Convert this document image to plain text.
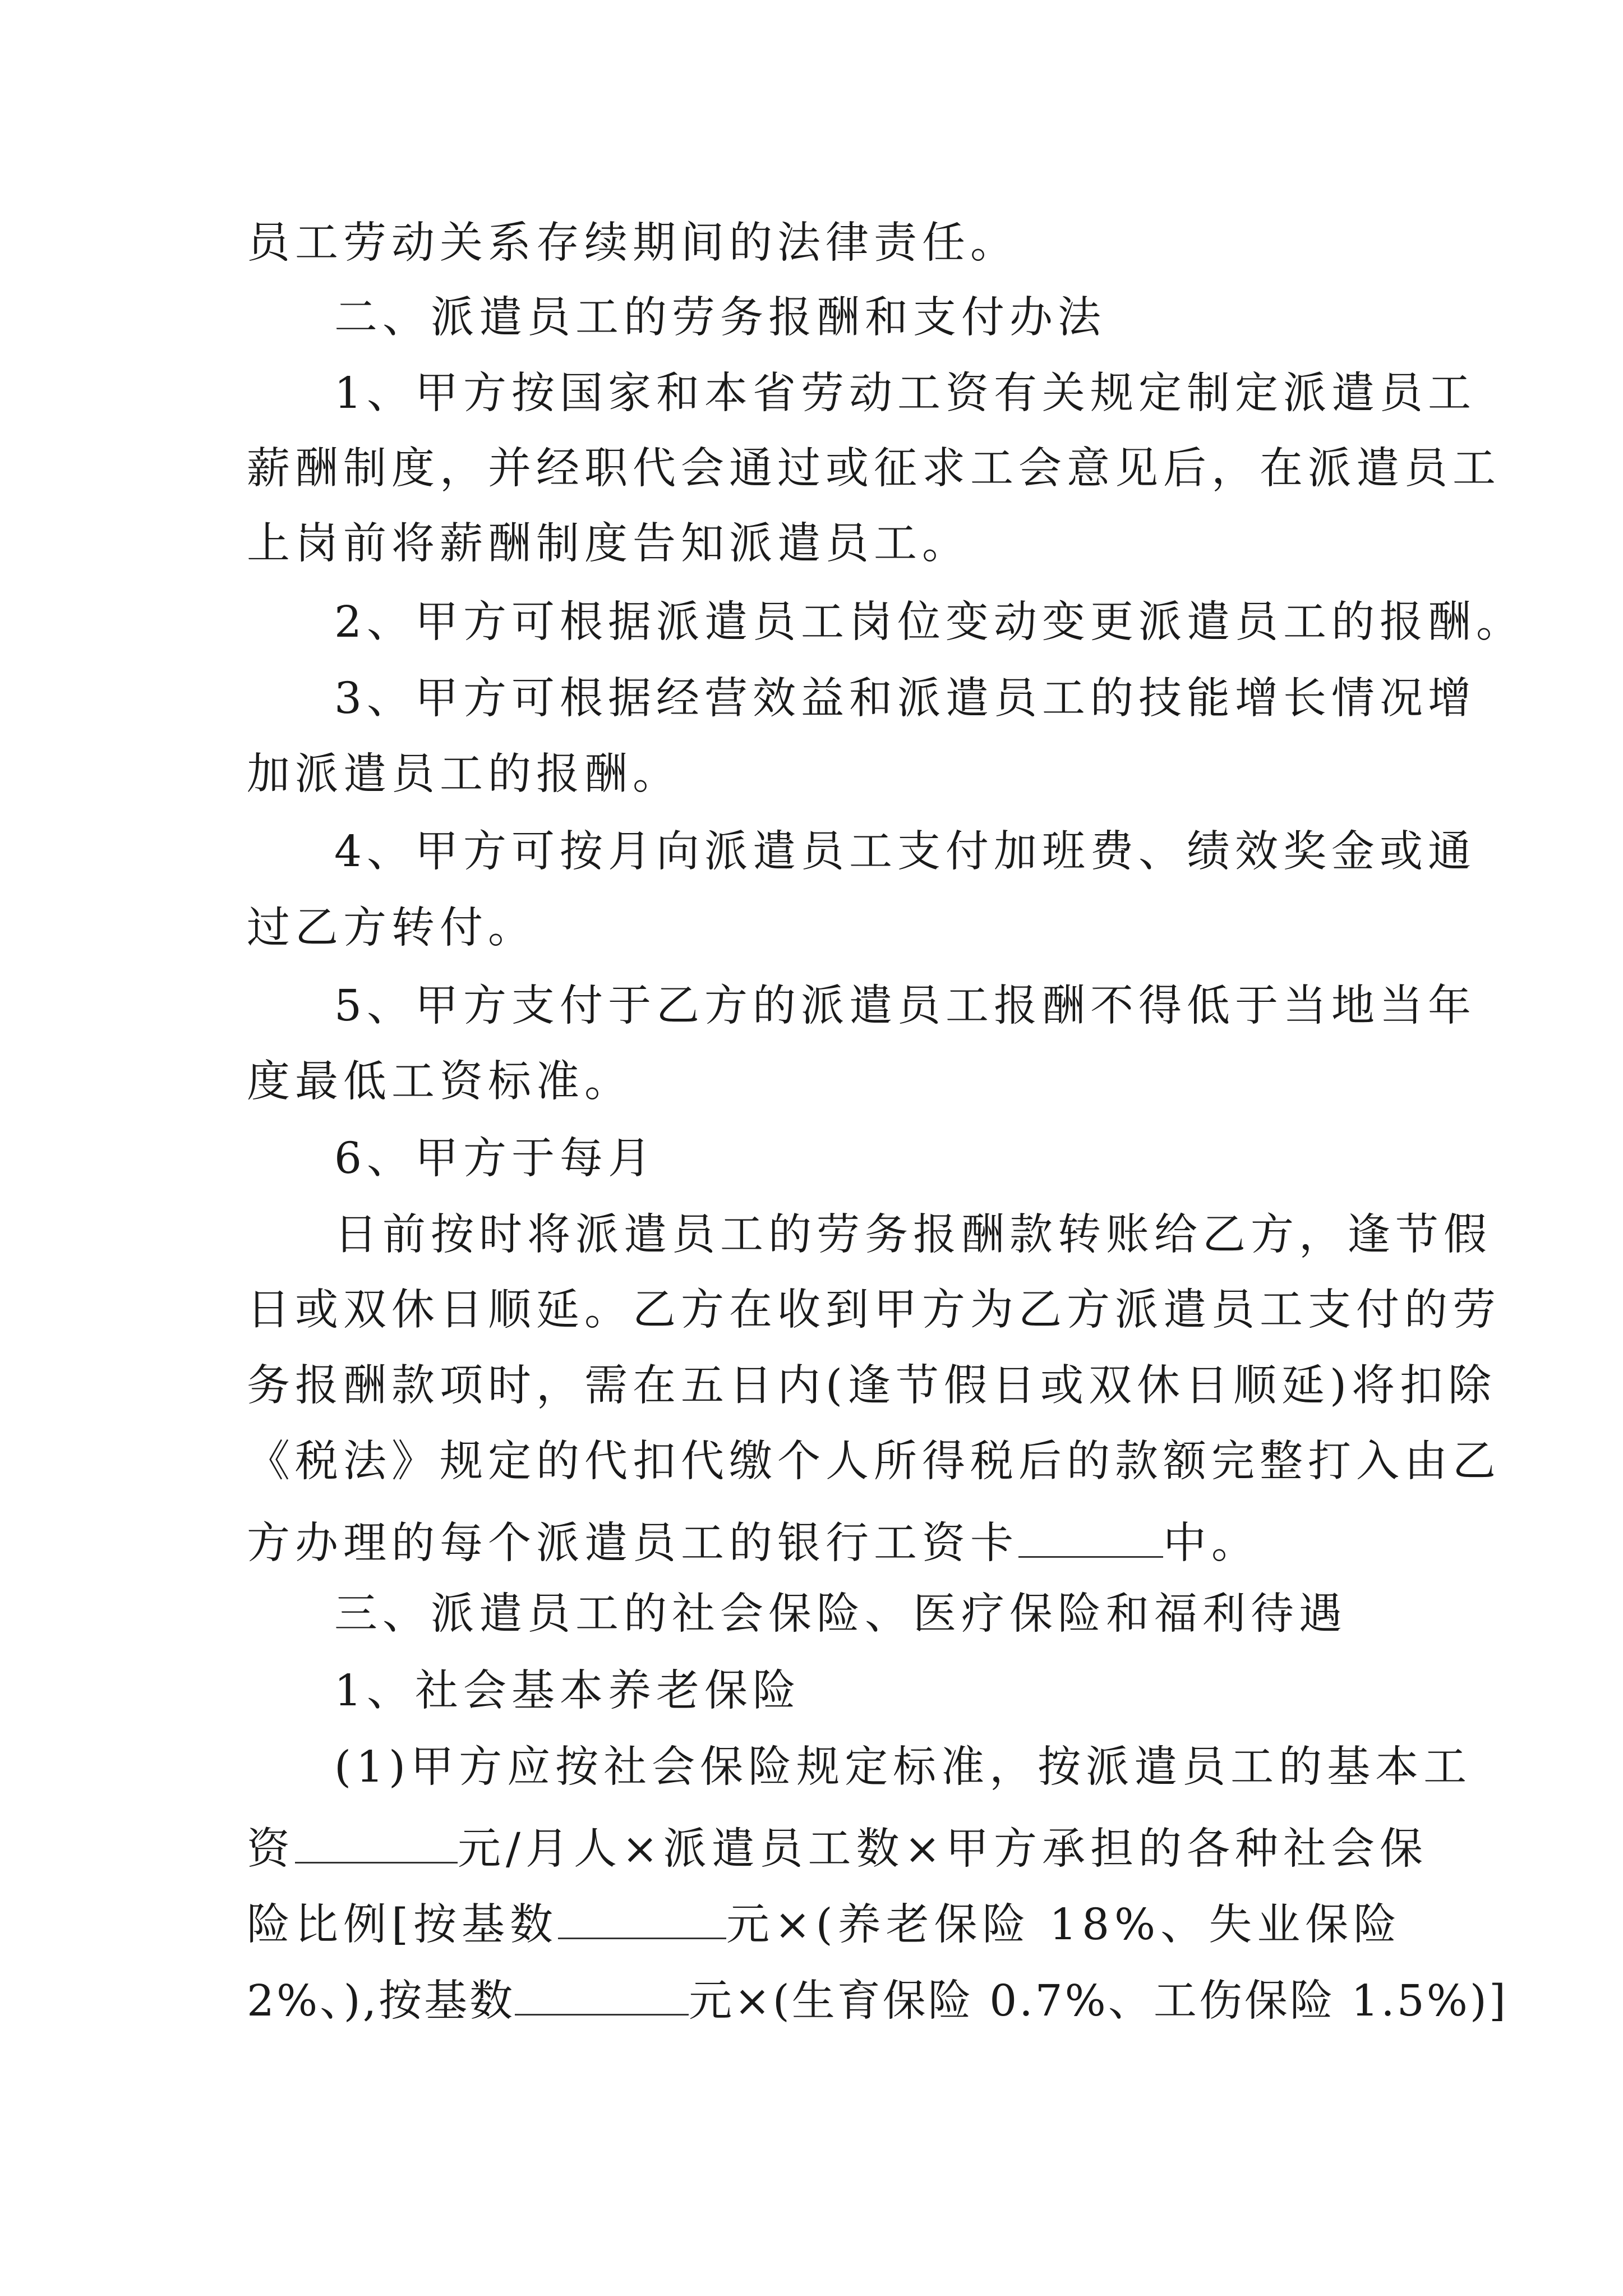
员工劳动关系存续期间的法律责任。
二、派遣员工的劳务报酬和支付办法
1、甲方按国家和本省劳动工资有关规定制定派遣员工
薪酬制度，并经职代会通过或征求工会意见后，在派遣员工
上岗前将薪酬制度告知派遣员工。
2、甲方可根据派遣员工岗位变动变更派遣员工的报酬。
3、甲方可根据经营效益和派遣员工的技能增长情况增
加派遣员工的报酬。
4、甲方可按月向派遣员工支付加班费、绩效奖金或通
过乙方转付。
5、甲方支付于乙方的派遣员工报酬不得低于当地当年
度最低工资标准。
6、甲方于每月
日前按时将派遣员工的劳务报酬款转账给乙方，逢节假
日或双休日顺延。乙方在收到甲方为乙方派遣员工支付的劳
务报酬款项时，需在五日内(逢节假日或双休日顺延)将扣除
《税法》规定的代扣代缴个人所得税后的款额完整打入由乙
方办理的每个派遣员工的银行工资卡	中。
三、派遣员工的社会保险、医疗保险和福利待遇
1、社会基本养老保险
(1)甲方应按社会保险规定标准，按派遣员工的基本工
资	元/月人×派遣员工数×甲方承担的各种社会保
险比例[按基数	元×(养老保险 18%、失业保险
2%、),按基数	元×(生育保险 0.7%、工伤保险 1.5%)]
